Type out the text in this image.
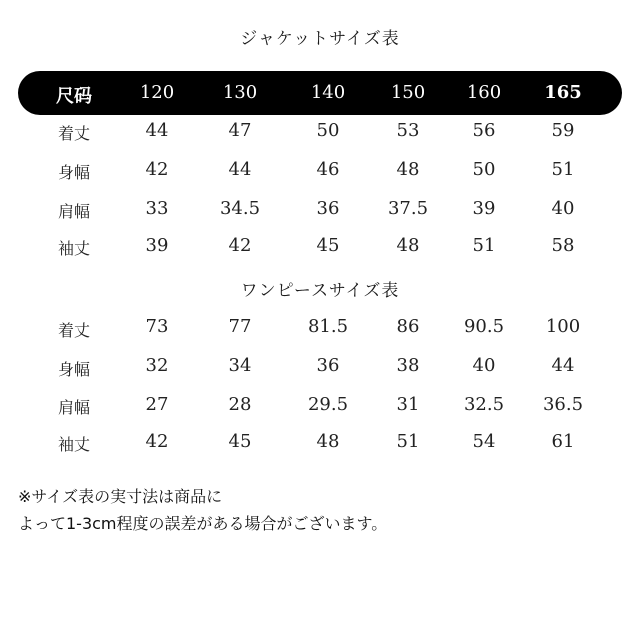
ジャケットサイズ表
尺码	120	130	140	150	160	165
着丈	44	47	50	53	56	59
身幅	42	44	46	48	50	51
肩幅	33	34.5	36	37.5	39	40
袖丈	39	42	45	48	51	58
ワンピースサイズ表
着丈	73	77	81.5	86	90.5	100
身幅	32	34	36	38	40	44
肩幅	27	28	29.5	31	32.5	36.5
袖丈	42	45	48	51	54	61
※サイズ表の実寸法は商品に
よって1-3cm程度の誤差がある場合がございます。
